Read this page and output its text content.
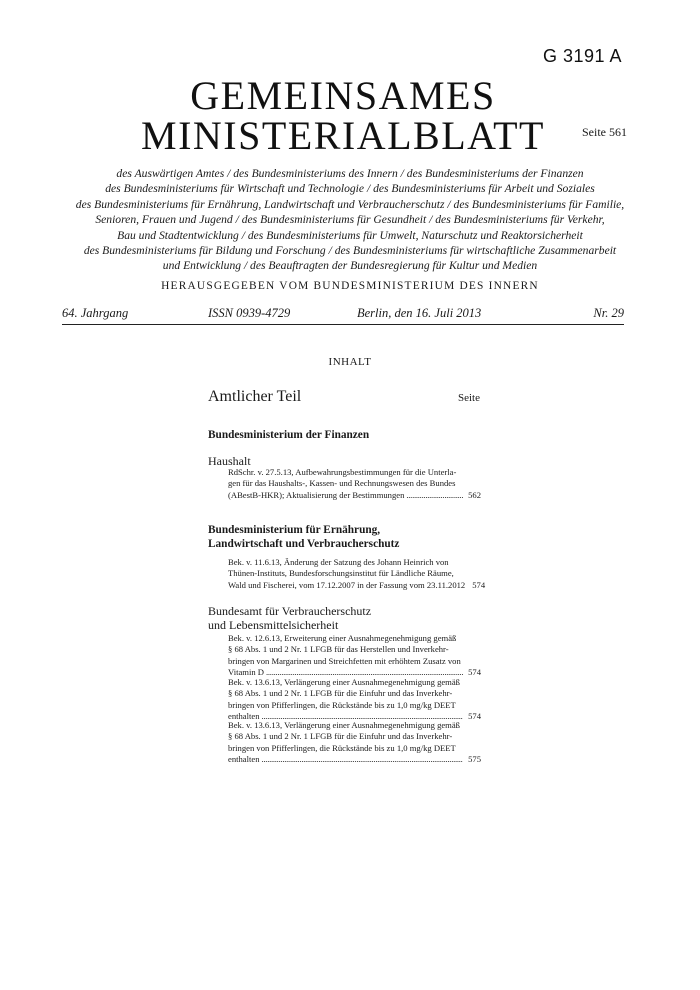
G 3191 A
GEMEINSAMES
MINISTERIALBLATT	Seite 561
des Auswärtigen Amtes / des Bundesministeriums des Innern / des Bundesministeriums der Finanzen
des Bundesministeriums für Wirtschaft und Technologie / des Bundesministeriums für Arbeit und Soziales
des Bundesministeriums für Ernährung, Landwirtschaft und Verbraucherschutz / des Bundesministeriums für Familie,
Senioren, Frauen und Jugend / des Bundesministeriums für Gesundheit / des Bundesministeriums für Verkehr,
Bau und Stadtentwicklung / des Bundesministeriums für Umwelt, Naturschutz und Reaktorsicherheit
des Bundesministeriums für Bildung und Forschung / des Bundesministeriums für wirtschaftliche Zusammenarbeit
und Entwicklung / des Beauftragten der Bundesregierung für Kultur und Medien
HERAUSGEGEBEN VOM BUNDESMINISTERIUM DES INNERN
64. Jahrgang	ISSN 0939-4729	Berlin, den 16. Juli 2013	Nr. 29
INHALT
Amtlicher Teil	Seite
Bundesministerium der Finanzen
Haushalt
RdSchr. v. 27.5.13, Aufbewahrungsbestimmungen für die Unterla-
gen für das Haushalts-, Kassen- und Rechnungswesen des Bundes
(ABestB-HKR); Aktualisierung der Bestimmungen . . .	562
Bundesministerium für Ernährung,
Landwirtschaft und Verbraucherschutz
Bek. v. 11.6.13, Änderung der Satzung des Johann Heinrich von
Thünen-Instituts, Bundesforschungsinstitut für Ländliche Räume,
Wald und Fischerei, vom 17.12.2007 in der Fassung vom 23.11.2012 574
Bundesamt für Verbraucherschutz
und Lebensmittelsicherheit
Bek. v. 12.6.13, Erweiterung einer Ausnahmegenehmigung gemäß
§ 68 Abs. 1 und 2 Nr. 1 LFGB für das Herstellen und Inverkehr-
bringen von Margarinen und Streichfetten mit erhöhtem Zusatz von
Vitamin D . . .	574
Bek. v. 13.6.13, Verlängerung einer Ausnahmegenehmigung gemäß
§ 68 Abs. 1 und 2 Nr. 1 LFGB für die Einfuhr und das Inverkehr-
bringen von Pfifferlingen, die Rückstände bis zu 1,0 mg/kg DEET
enthalten . . .	574
Bek. v. 13.6.13, Verlängerung einer Ausnahmegenehmigung gemäß
§ 68 Abs. 1 und 2 Nr. 1 LFGB für die Einfuhr und das Inverkehr-
bringen von Pfifferlingen, die Rückstände bis zu 1,0 mg/kg DEET
enthalten . . .	575
